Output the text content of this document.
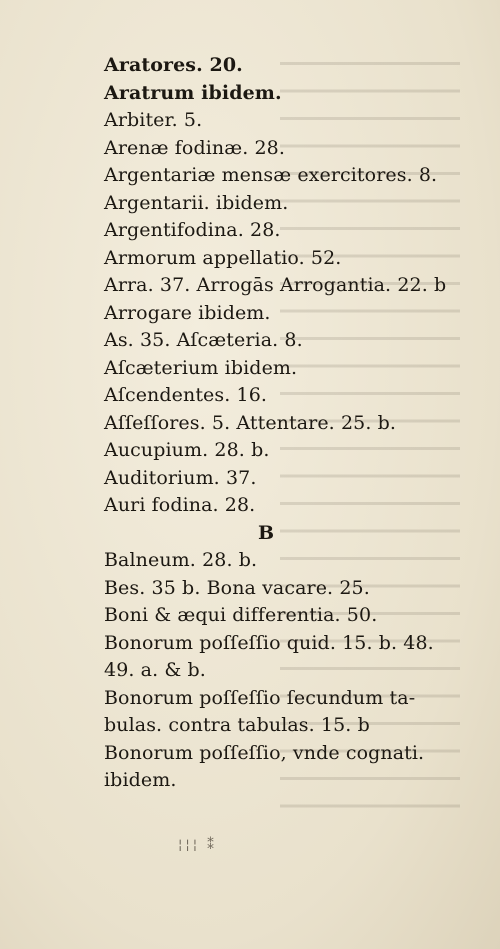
Aratores. 20.
Aratrum ibidem.
Arbiter. 5.
Arenæ fodinæ. 28.
Argentariæ mensæ exercitores. 8.
Argentarii. ibidem.
Argentifodina. 28.
Armorum appellatio. 52.
Arra. 37. Arrogās Arrogantia. 22. b
Arrogare ibidem.
As. 35. Aſcæteria. 8.
Aſcæterium ibidem.
Aſcendentes. 16.
Aſſeſſores. 5. Attentare. 25. b.
Aucupium. 28. b.
Auditorium. 37.
Auri fodina. 28.
B
Balneum. 28. b.
Bes. 35 b. Bona vacare. 25.
Boni & æqui differentia. 50.
Bonorum poſſeſſio quid. 15. b. 48.
49. a. & b.
Bonorum poſſeſſio ſecundum ta-
bulas. contra tabulas. 15. b
Bonorum poſſeſſio, vnde cognati.
ibidem.
¦¦¦ ⁑
